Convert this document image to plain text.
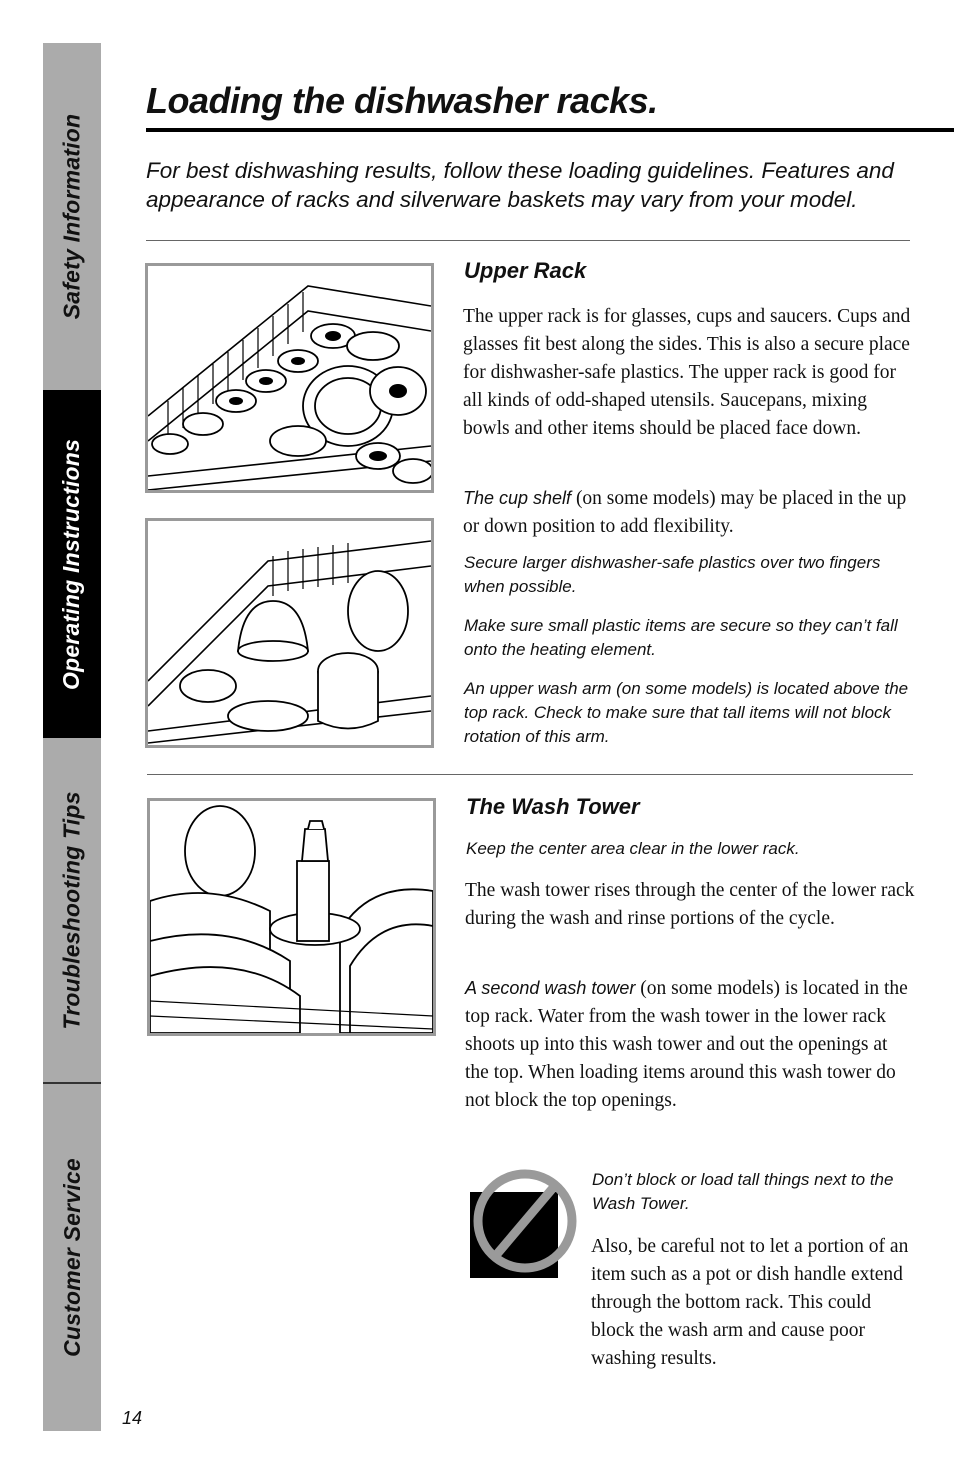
Safety Information
Operating Instructions
Troubleshooting Tips
Customer Service
Loading the dishwasher racks.

For best dishwashing results, follow these loading guidelines. Features and appearance of racks and silverware baskets may vary from your model.

Upper Rack

The upper rack is for glasses, cups and saucers. Cups and glasses fit best along the sides. This is also a secure place for dishwasher-safe plastics. The upper rack is good for all kinds of odd-shaped utensils. Saucepans, mixing bowls and other items should be placed face down.

The cup shelf (on some models) may be placed in the up or down position to add flexibility.

Secure larger dishwasher-safe plastics over two fingers when possible.

Make sure small plastic items are secure so they can’t fall onto the heating element.

An upper wash arm (on some models) is located above the top rack. Check to make sure that tall items will not block rotation of this arm.

The Wash Tower

Keep the center area clear in the lower rack.

The wash tower rises through the center of the lower rack during the wash and rinse portions of the cycle.

A second wash tower (on some models) is located in the top rack. Water from the wash tower in the lower rack shoots up into this wash tower and out the openings at the top. When loading items around this wash tower do not block the top openings.

Don’t block or load tall things next to the Wash Tower.

Also, be careful not to let a portion of an item such as a pot or dish handle extend through the bottom rack. This could block the wash arm and cause poor washing results.

14
